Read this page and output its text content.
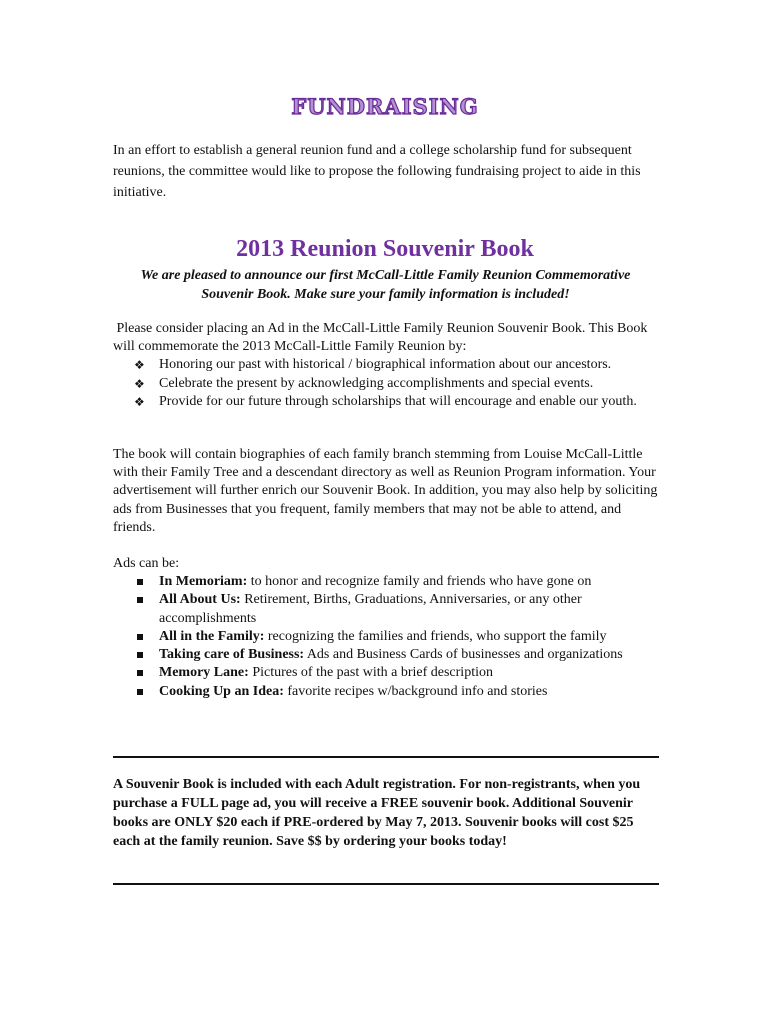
FUNDRAISING

In an effort to establish a general reunion fund and a college scholarship fund for subsequent reunions, the committee would like to propose the following fundraising project to aide in this initiative.

2013 Reunion Souvenir Book

We are pleased to announce our first McCall-Little Family Reunion Commemorative Souvenir Book. Make sure your family information is included!

Please consider placing an Ad in the McCall-Little Family Reunion Souvenir Book. This Book will commemorate the 2013 McCall-Little Family Reunion by:

❖ Honoring our past with historical / biographical information about our ancestors.
❖ Celebrate the present by acknowledging accomplishments and special events.
❖ Provide for our future through scholarships that will encourage and enable our youth.

The book will contain biographies of each family branch stemming from Louise McCall-Little with their Family Tree and a descendant directory as well as Reunion Program information. Your advertisement will further enrich our Souvenir Book. In addition, you may also help by soliciting ads from Businesses that you frequent, family members that may not be able to attend, and friends.

Ads can be:
In Memoriam: to honor and recognize family and friends who have gone on
All About Us: Retirement, Births, Graduations, Anniversaries, or any other accomplishments
All in the Family: recognizing the families and friends, who support the family
Taking care of Business: Ads and Business Cards of businesses and organizations
Memory Lane: Pictures of the past with a brief description
Cooking Up an Idea: favorite recipes w/background info and stories

A Souvenir Book is included with each Adult registration. For non-registrants, when you purchase a FULL page ad, you will receive a FREE souvenir book. Additional Souvenir books are ONLY $20 each if PRE-ordered by May 7, 2013. Souvenir books will cost $25 each at the family reunion. Save $$ by ordering your books today!
